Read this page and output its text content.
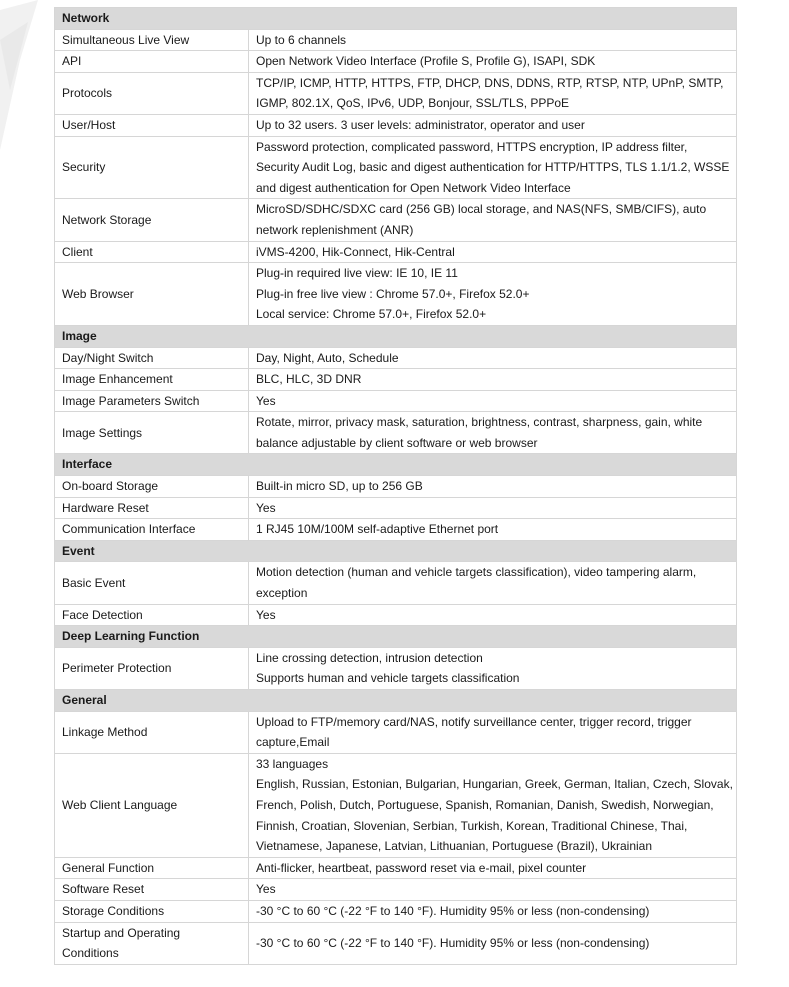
Network	
Simultaneous Live View	Up to 6 channels

API	Open Network Video Interface (Profile S, Profile G), ISAPI, SDK

Protocols	TCP/IP, ICMP, HTTP, HTTPS, FTP, DHCP, DNS, DDNS, RTP, RTSP, NTP, UPnP, SMTP,
IGMP, 802.1X, QoS, IPv6, UDP, Bonjour, SSL/TLS, PPPoE

User/Host	Up to 32 users. 3 user levels: administrator, operator and user

Security	Password protection, complicated password, HTTPS encryption, IP address filter,
Security Audit Log, basic and digest authentication for HTTP/HTTPS, TLS 1.1/1.2, WSSE
and digest authentication for Open Network Video Interface

Network Storage	MicroSD/SDHC/SDXC card (256 GB) local storage, and NAS(NFS, SMB/CIFS), auto
network replenishment (ANR)

Client	iVMS-4200, Hik-Connect, Hik-Central

Web Browser	Plug-in required live view: IE 10, IE 11
Plug-in free live view : Chrome 57.0+, Firefox 52.0+
Local service: Chrome 57.0+, Firefox 52.0+

Image	
Day/Night Switch	Day, Night, Auto, Schedule

Image Enhancement	BLC, HLC, 3D DNR

Image Parameters Switch	Yes

Image Settings	Rotate, mirror, privacy mask, saturation, brightness, contrast, sharpness, gain, white
balance adjustable by client software or web browser

Interface	
On-board Storage	Built-in micro SD, up to 256 GB

Hardware Reset	Yes

Communication Interface	1 RJ45 10M/100M self-adaptive Ethernet port

Event	
Basic Event	Motion detection (human and vehicle targets classification), video tampering alarm,
exception

Face Detection	Yes

Deep Learning Function	
Perimeter Protection	Line crossing detection, intrusion detection
Supports human and vehicle targets classification

General	
Linkage Method	Upload to FTP/memory card/NAS, notify surveillance center, trigger record, trigger
capture,Email

Web Client Language	33 languages
English, Russian, Estonian, Bulgarian, Hungarian, Greek, German, Italian, Czech, Slovak,
French, Polish, Dutch, Portuguese, Spanish, Romanian, Danish, Swedish, Norwegian,
Finnish, Croatian, Slovenian, Serbian, Turkish, Korean, Traditional Chinese, Thai,
Vietnamese, Japanese, Latvian, Lithuanian, Portuguese (Brazil), Ukrainian

General Function	Anti-flicker, heartbeat, password reset via e-mail, pixel counter

Software Reset	Yes

Storage Conditions	-30 °C to 60 °C (-22 °F to 140 °F). Humidity 95% or less (non-condensing)

Startup and Operating
Conditions	-30 °C to 60 °C (-22 °F to 140 °F). Humidity 95% or less (non-condensing)
